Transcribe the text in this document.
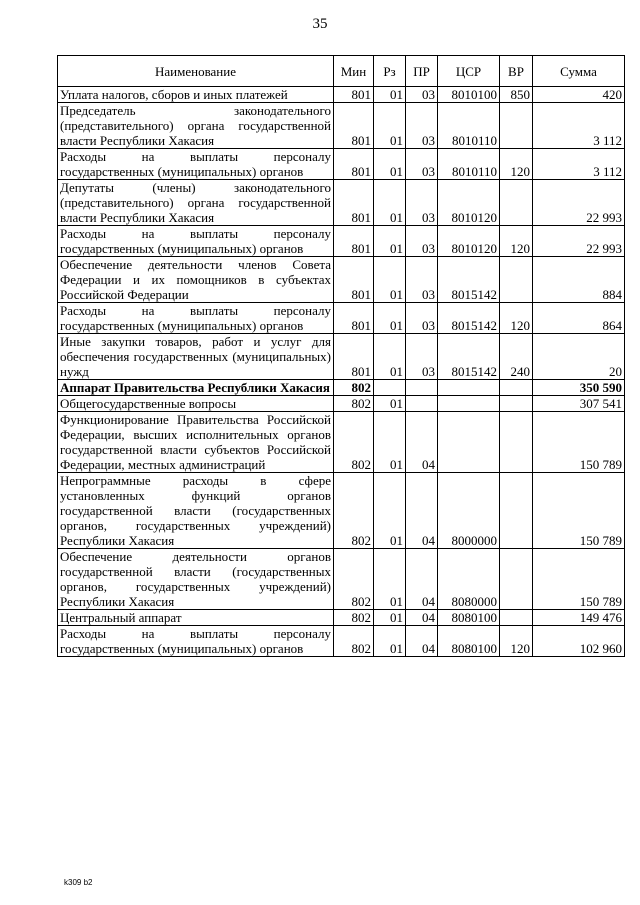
35
Наименование	Мин	Рз	ПР	ЦСР	ВР	Сумма
Уплата налогов, сборов и иных платежей	801	01	03	8010100	850	420
Председатель законодательного (представительного) органа государственной власти Республики Хакасия	801	01	03	8010110		3 112
Расходы на выплаты персоналу государственных (муниципальных) органов	801	01	03	8010110	120	3 112
Депутаты (члены) законодательного (представительного) органа государственной власти Республики Хакасия	801	01	03	8010120		22 993
Расходы на выплаты персоналу государственных (муниципальных) органов	801	01	03	8010120	120	22 993
Обеспечение деятельности членов Совета Федерации и их помощников в субъектах Российской Федерации	801	01	03	8015142		884
Расходы на выплаты персоналу государственных (муниципальных) органов	801	01	03	8015142	120	864
Иные закупки товаров, работ и услуг для обеспечения государственных (муниципальных) нужд	801	01	03	8015142	240	20
Аппарат Правительства Республики Хакасия	802					350 590
Общегосударственные вопросы	802	01				307 541
Функционирование Правительства Российской Федерации, высших исполнительных органов государственной власти субъектов Российской Федерации, местных администраций	802	01	04			150 789
Непрограммные расходы в сфере установленных функций органов государственной власти (государственных органов, государственных учреждений) Республики Хакасия	802	01	04	8000000		150 789
Обеспечение деятельности органов государственной власти (государственных органов, государственных учреждений) Республики Хакасия	802	01	04	8080000		150 789
Центральный аппарат	802	01	04	8080100		149 476
Расходы на выплаты персоналу государственных (муниципальных) органов	802	01	04	8080100	120	102 960
k309 b2
